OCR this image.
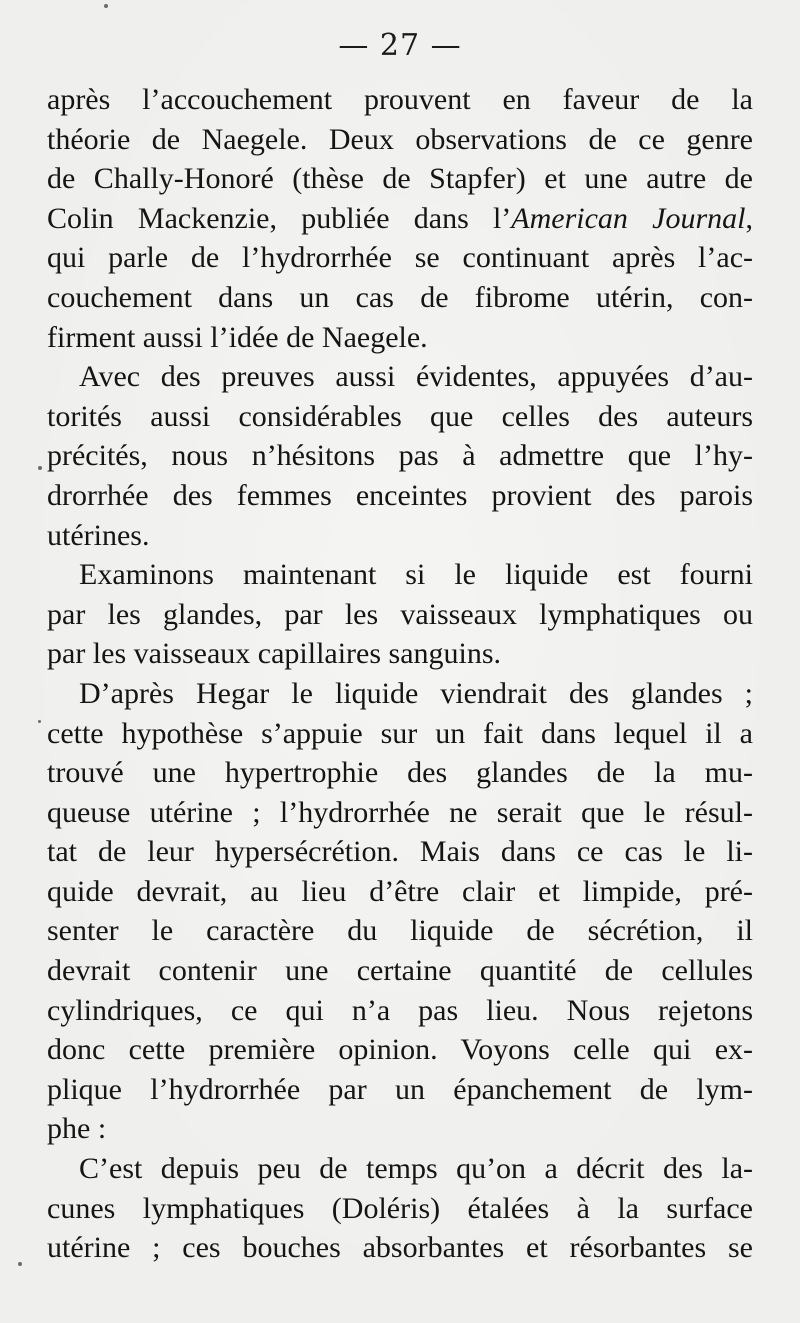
— 27 —
après l’accouchement prouvent en faveur de la
théorie de Naegele. Deux observations de ce genre
de Chally-Honoré (thèse de Stapfer) et une autre de
Colin Mackenzie, publiée dans l’American Journal,
qui parle de l’hydrorrhée se continuant après l’ac-
couchement dans un cas de fibrome utérin, con-
firment aussi l’idée de Naegele.
Avec des preuves aussi évidentes, appuyées d’au-
torités aussi considérables que celles des auteurs
précités, nous n’hésitons pas à admettre que l’hy-
drorrhée des femmes enceintes provient des parois
utérines.
Examinons maintenant si le liquide est fourni
par les glandes, par les vaisseaux lymphatiques ou
par les vaisseaux capillaires sanguins.
D’après Hegar le liquide viendrait des glandes ;
cette hypothèse s’appuie sur un fait dans lequel il a
trouvé une hypertrophie des glandes de la mu-
queuse utérine ; l’hydrorrhée ne serait que le résul-
tat de leur hypersécrétion. Mais dans ce cas le li-
quide devrait, au lieu d’être clair et limpide, pré-
senter le caractère du liquide de sécrétion, il
devrait contenir une certaine quantité de cellules
cylindriques, ce qui n’a pas lieu. Nous rejetons
donc cette première opinion. Voyons celle qui ex-
plique l’hydrorrhée par un épanchement de lym-
phe :
C’est depuis peu de temps qu’on a décrit des la-
cunes lymphatiques (Doléris) étalées à la surface
utérine ; ces bouches absorbantes et résorbantes se
